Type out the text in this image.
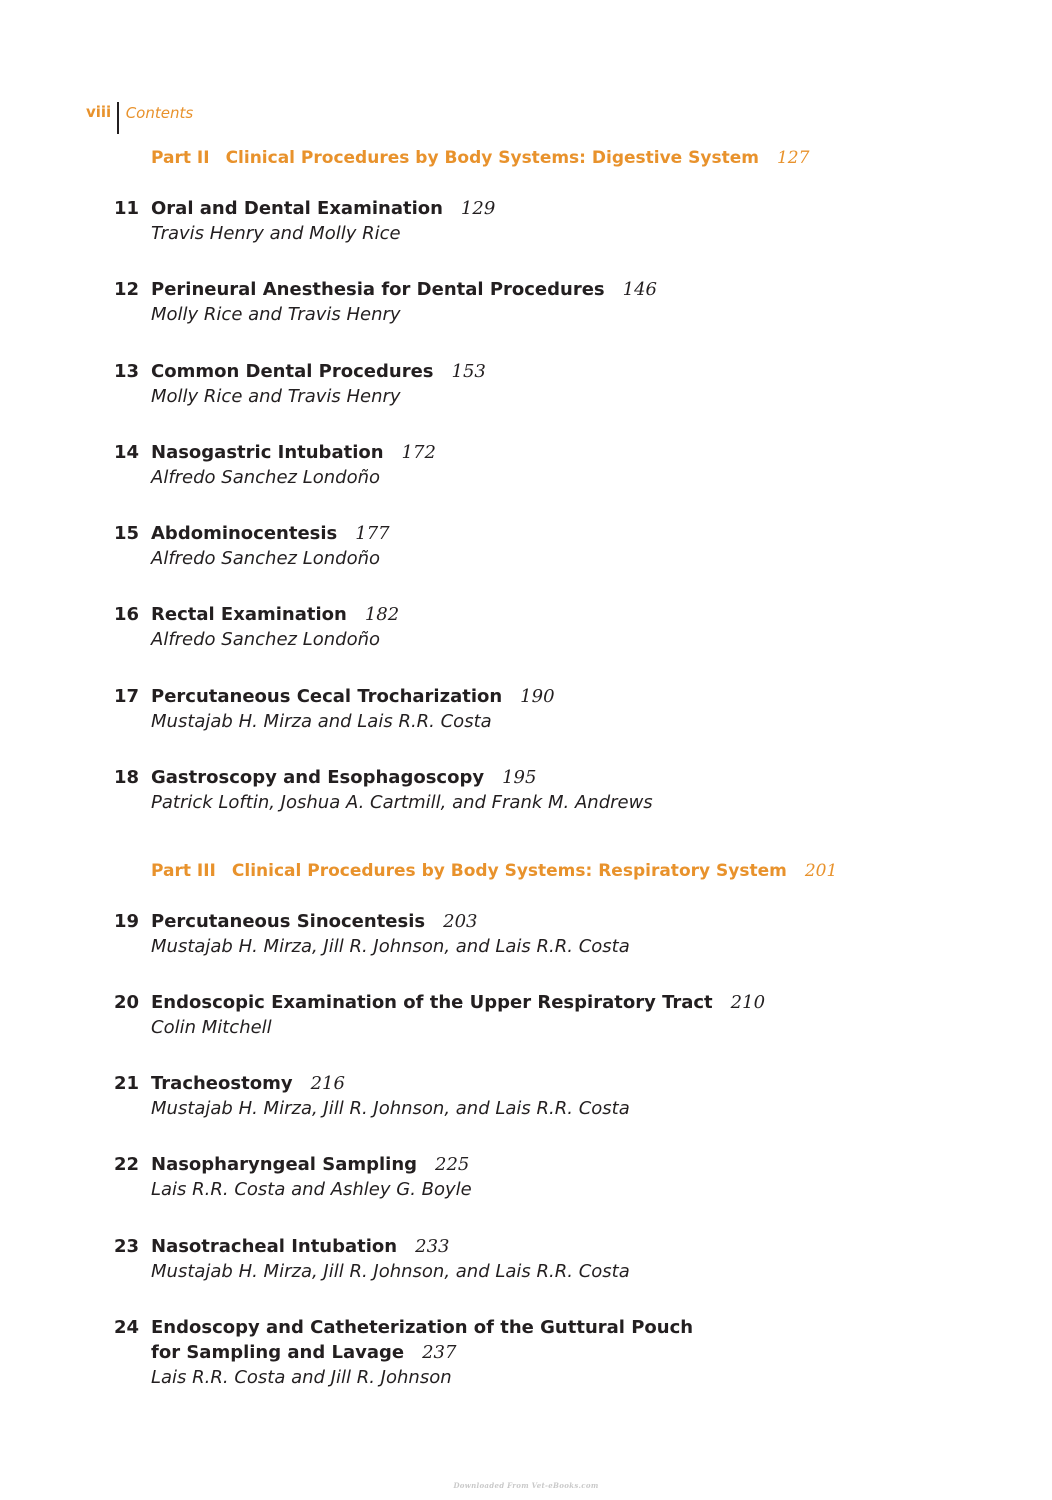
viii Contents
Part II Clinical Procedures by Body Systems: Digestive System 127
11 Oral and Dental Examination 129
Travis Henry and Molly Rice
12 Perineural Anesthesia for Dental Procedures 146
Molly Rice and Travis Henry
13 Common Dental Procedures 153
Molly Rice and Travis Henry
14 Nasogastric Intubation 172
Alfredo Sanchez Londoño
15 Abdominocentesis 177
Alfredo Sanchez Londoño
16 Rectal Examination 182
Alfredo Sanchez Londoño
17 Percutaneous Cecal Trocharization 190
Mustajab H. Mirza and Lais R.R. Costa
18 Gastroscopy and Esophagoscopy 195
Patrick Loftin, Joshua A. Cartmill, and Frank M. Andrews
Part III Clinical Procedures by Body Systems: Respiratory System 201
19 Percutaneous Sinocentesis 203
Mustajab H. Mirza, Jill R. Johnson, and Lais R.R. Costa
20 Endoscopic Examination of the Upper Respiratory Tract 210
Colin Mitchell
21 Tracheostomy 216
Mustajab H. Mirza, Jill R. Johnson, and Lais R.R. Costa
22 Nasopharyngeal Sampling 225
Lais R.R. Costa and Ashley G. Boyle
23 Nasotracheal Intubation 233
Mustajab H. Mirza, Jill R. Johnson, and Lais R.R. Costa
24 Endoscopy and Catheterization of the Guttural Pouch
for Sampling and Lavage 237
Lais R.R. Costa and Jill R. Johnson
Downloaded From Vet-eBooks.com
